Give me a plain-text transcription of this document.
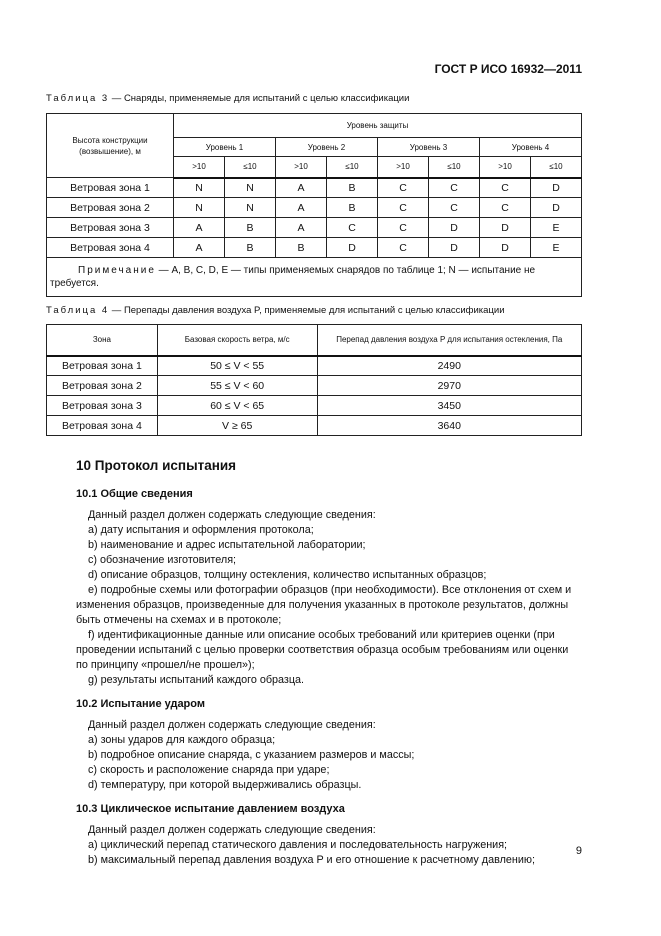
ГОСТ Р ИСО 16932—2011
Таблица 3 — Снаряды, применяемые для испытаний с целью классификации
Высота конструкции (возвышение), м	Уровень защиты							
	Уровень 1		Уровень 2		Уровень 3		Уровень 4	
	>10	≤10	>10	≤10	>10	≤10	>10	≤10
Ветровая зона 1	N	N	A	B	C	C	C	D
Ветровая зона 2	N	N	A	B	C	C	C	D
Ветровая зона 3	A	B	A	C	C	D	D	E
Ветровая зона 4	A	B	B	D	C	D	D	E
Примечание — A, B, C, D, E — типы применяемых снарядов по таблице 1; N — испытание не требуется.								
Таблица 4 — Перепады давления воздуха P, применяемые для испытаний с целью классификации
Зона	Базовая скорость ветра, м/с	Перепад давления воздуха P для испытания остекления, Па
Ветровая зона 1	50 ≤ V < 55	2490
Ветровая зона 2	55 ≤ V < 60	2970
Ветровая зона 3	60 ≤ V < 65	3450
Ветровая зона 4	V ≥ 65	3640
10 Протокол испытания
10.1 Общие сведения

Данный раздел должен содержать следующие сведения:

a) дату испытания и оформления протокола;

b) наименование и адрес испытательной лаборатории;

c) обозначение изготовителя;

d) описание образцов, толщину остекления, количество испытанных образцов;

e) подробные схемы или фотографии образцов (при необходимости). Все отклонения от схем и изменения образцов, произведенные для получения указанных в протоколе результатов, должны быть отмечены на схемах и в протоколе;

f) идентификационные данные или описание особых требований или критериев оценки (при проведении испытаний с целью проверки соответствия образца особым требованиям или оценки по принципу «прошел/не прошел»);

g) результаты испытаний каждого образца.

10.2 Испытание ударом

Данный раздел должен содержать следующие сведения:

a) зоны ударов для каждого образца;

b) подробное описание снаряда, с указанием размеров и массы;

c) скорость и расположение снаряда при ударе;

d) температуру, при которой выдерживались образцы.

10.3 Циклическое испытание давлением воздуха

Данный раздел должен содержать следующие сведения:

a) циклический перепад статического давления и последовательность нагружения;

b) максимальный перепад давления воздуха P и его отношение к расчетному давлению;

9
